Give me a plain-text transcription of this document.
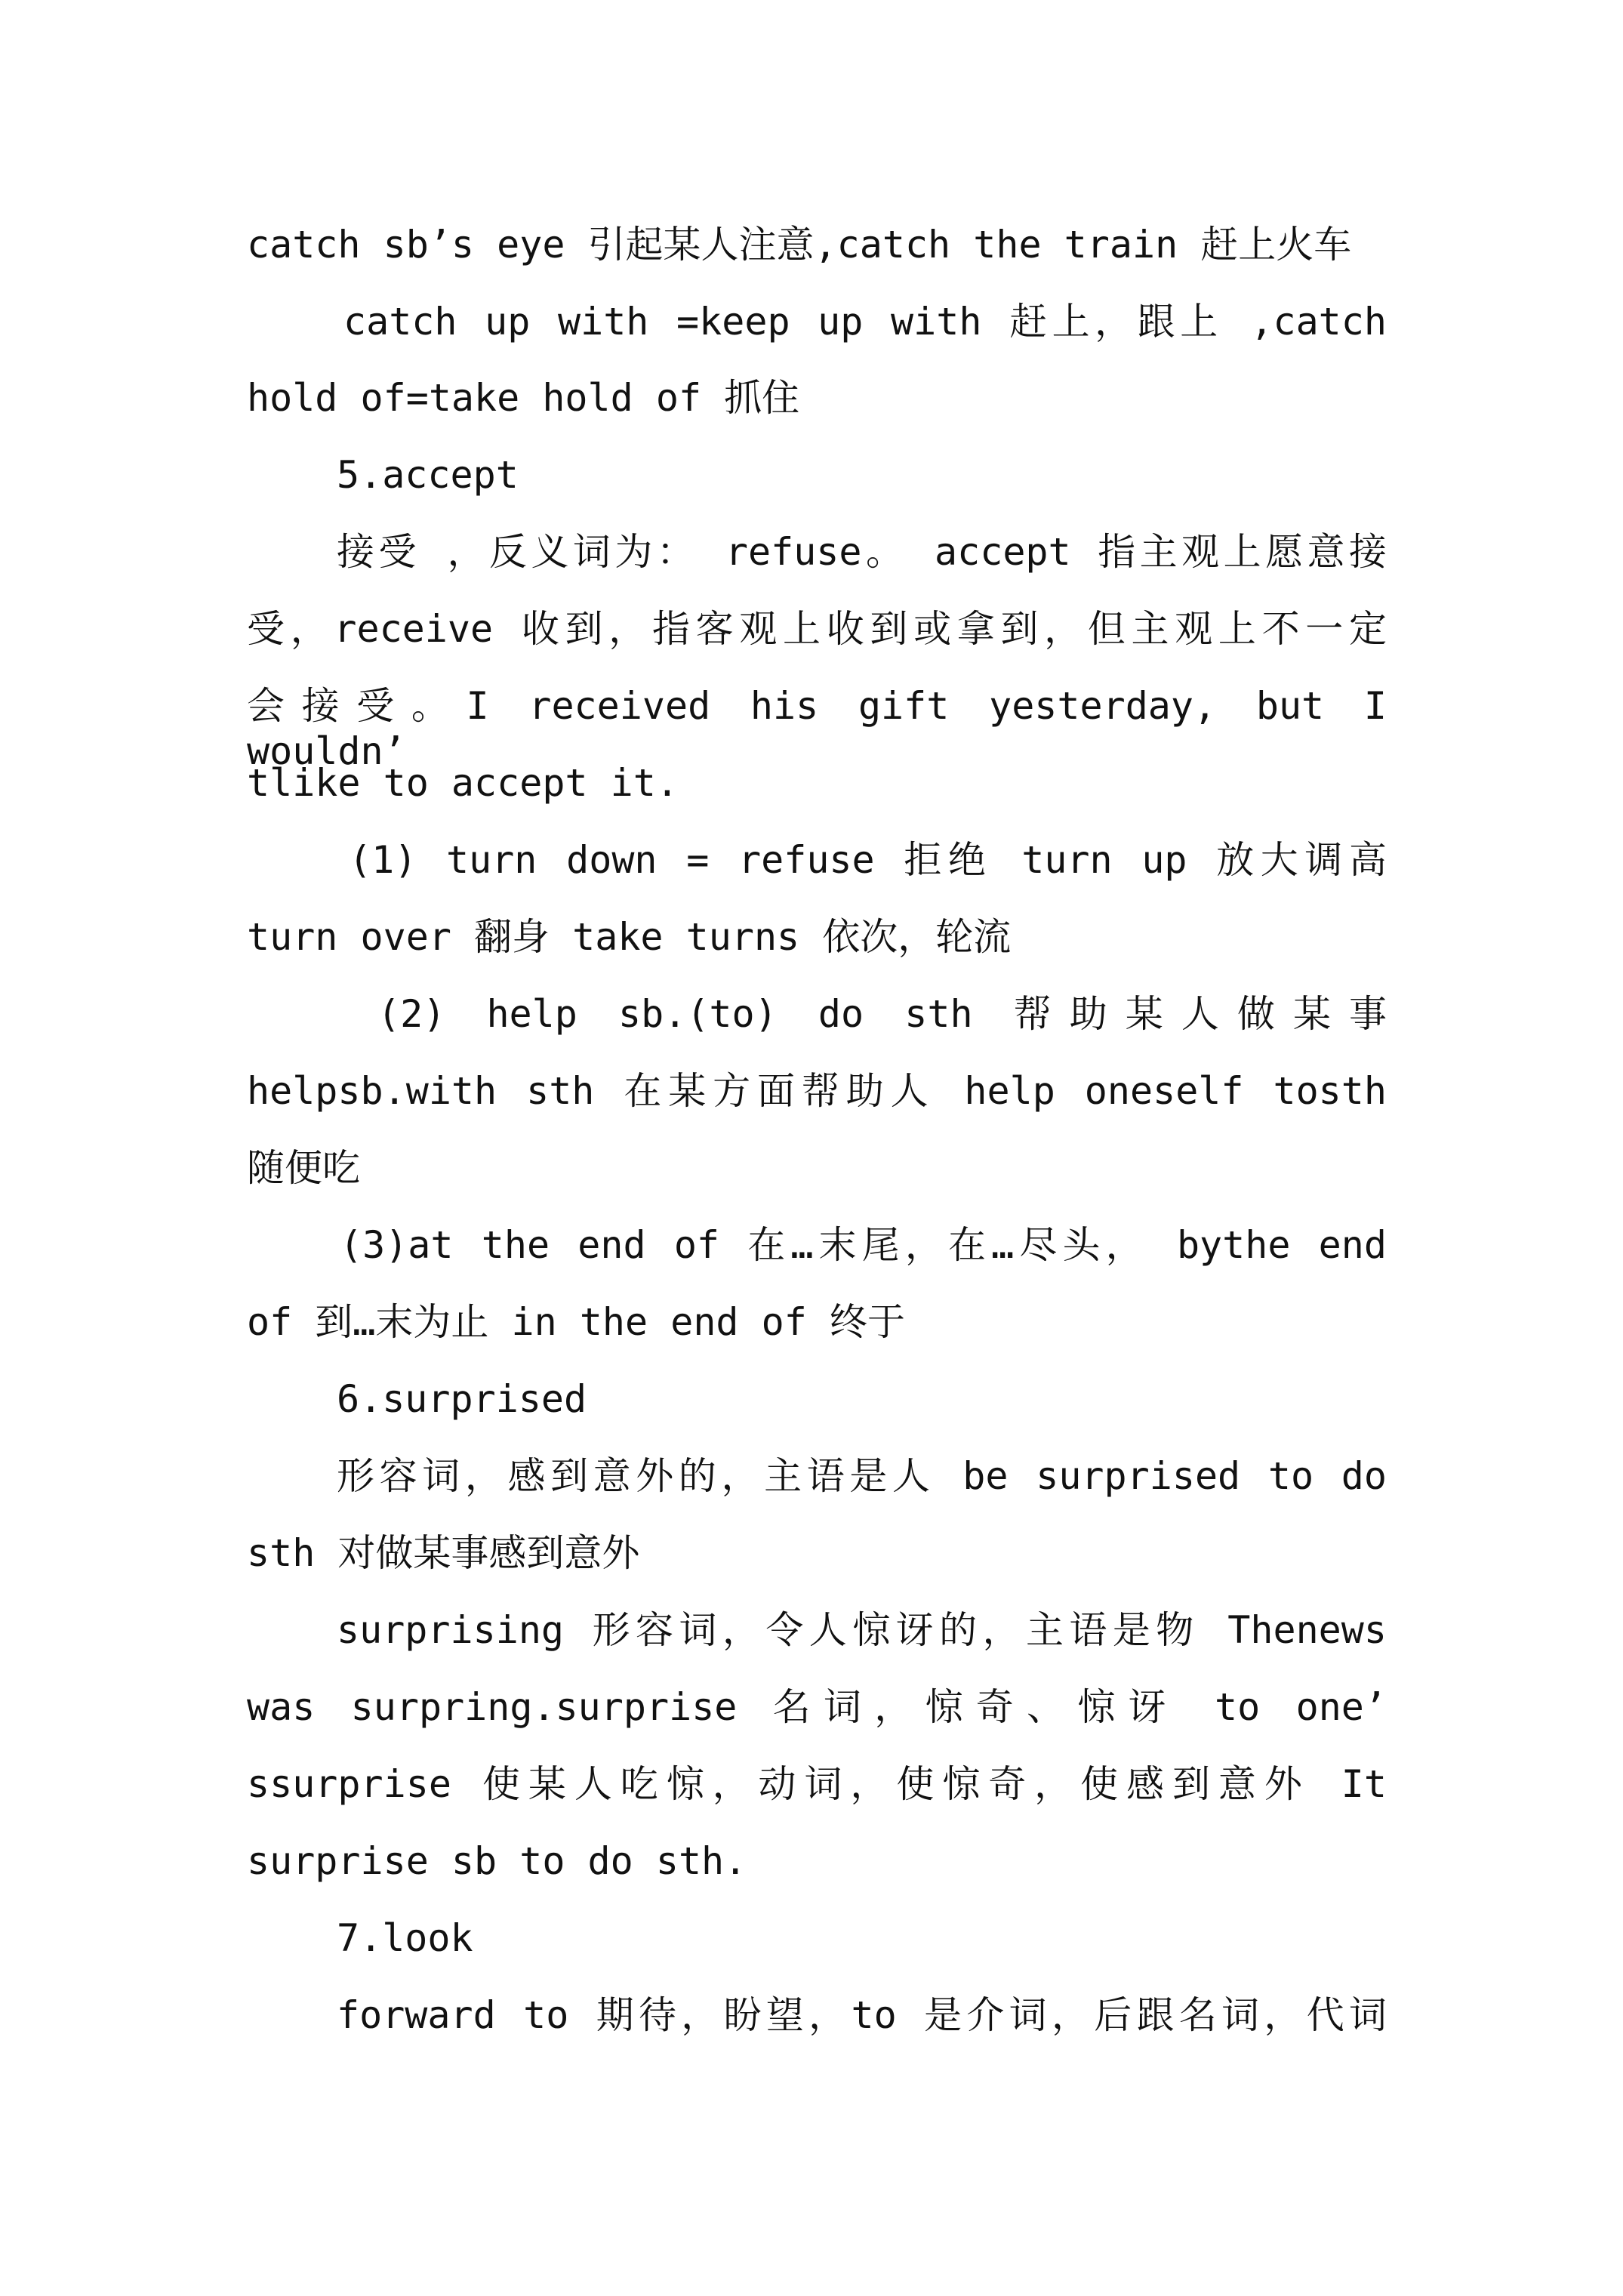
catch sb’s eye 引起某人注意,catch the train 赶上火车
catch up with =keep up with 赶上，跟上 ,catch
hold of=take hold of 抓住
5.accept
接受 ，反义词为： refuse。 accept 指主观上愿意接
受，receive 收到，指客观上收到或拿到，但主观上不一定
会接受。I received his gift yesterday, but I wouldn’
tlike to accept it.
(1) turn down = refuse 拒绝 turn up 放大调高
turn over 翻身 take turns 依次，轮流
(2) help sb.(to) do sth 帮助某人做某事
helpsb.with sth 在某方面帮助人 help oneself tosth
随便吃
(3)at the end of 在…末尾，在…尽头， bythe end
of 到…末为止 in the end of 终于
6.surprised
形容词，感到意外的，主语是人 be surprised to do
sth 对做某事感到意外
surprising 形容词，令人惊讶的，主语是物 Thenews
was surpring.surprise 名词，惊奇、惊讶 to one’
ssurprise 使某人吃惊，动词，使惊奇，使感到意外 It
surprise sb to do sth.
7.look
forward to 期待，盼望，to 是介词，后跟名词，代词
